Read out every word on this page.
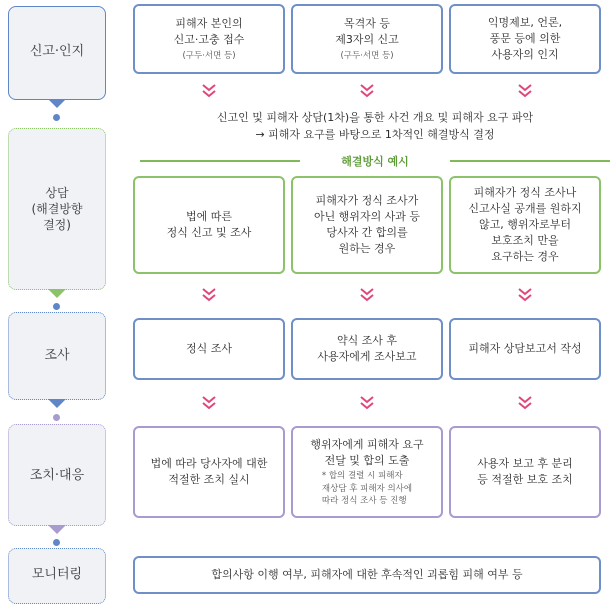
신고·인지
상담
(해결방향
결정)
조사
조치·대응
모니터링
피해자 본인의
신고·고충 접수
(구두·서면 등)
목격자 등
제3자의 신고
(구두·서면 등)
익명제보, 언론,
풍문 등에 의한
사용자의 인지
신고인 및 피해자 상담(1차)을 통한 사건 개요 및 피해자 요구 파악
→ 피해자 요구를 바탕으로 1차적인 해결방식 결정
해결방식 예시
법에 따른
정식 신고 및 조사
피해자가 정식 조사가
아닌 행위자의 사과 등
당사자 간 합의를
원하는 경우
피해자가 정식 조사나
신고사실 공개를 원하지
않고, 행위자로부터
보호조치 만을
요구하는 경우
정식 조사
약식 조사 후
사용자에게 조사보고
피해자 상담보고서 작성
법에 따라 당사자에 대한
적절한 조치 실시
행위자에게 피해자 요구
전달 및 합의 도출
* 합의 결렬 시 피해자
재상담 후 피해자 의사에
따라 정식 조사 등 진행
사용자 보고 후 분리
등 적절한 보호 조치
합의사항 이행 여부, 피해자에 대한 후속적인 괴롭힘 피해 여부 등
